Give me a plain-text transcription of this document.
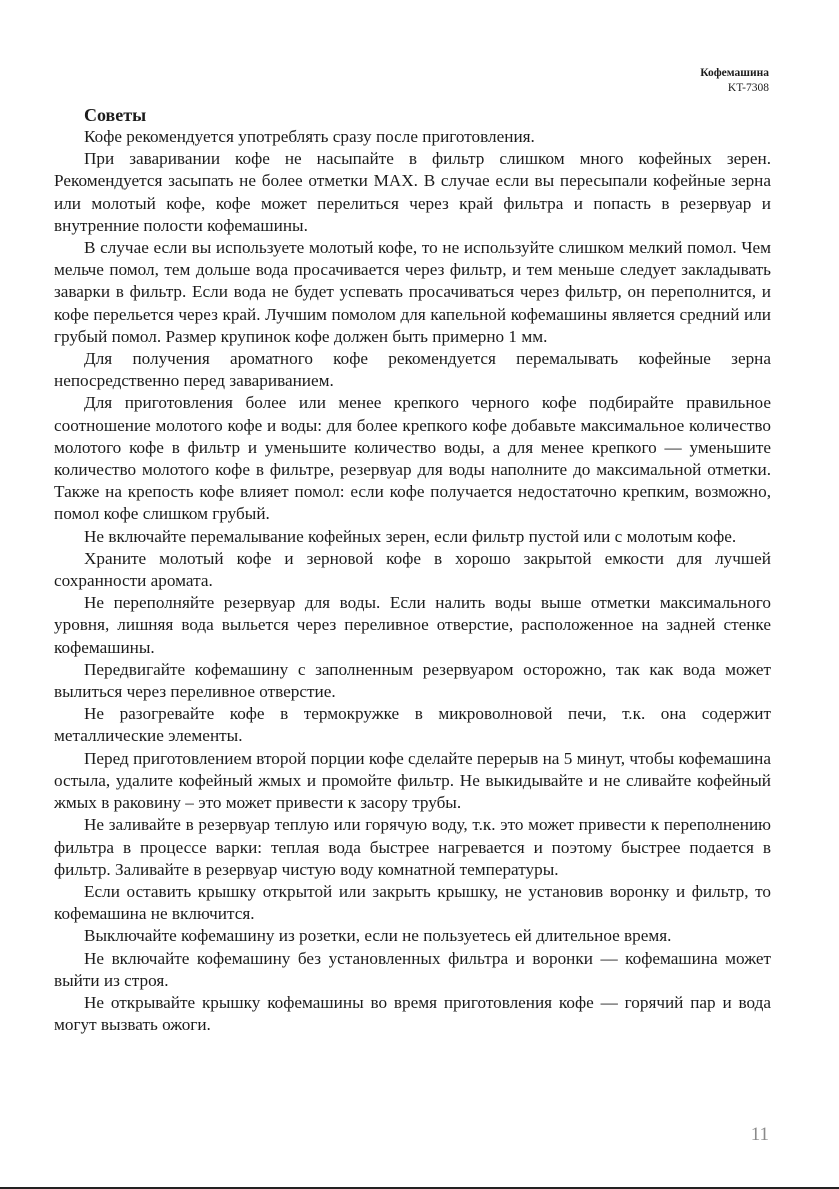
Кофемашина
KT-7308
Советы

Кофе рекомендуется употреблять сразу после приготовления.

При заваривании кофе не насыпайте в фильтр слишком много кофейных зерен. Рекомендуется засыпать не более отметки MAX. В случае если вы пересыпали кофейные зерна или молотый кофе, кофе может перелиться через край фильтра и попасть в резервуар и внутренние полости кофемашины.

В случае если вы используете молотый кофе, то не используйте слишком мелкий помол. Чем мельче помол, тем дольше вода просачивается через фильтр, и тем меньше следует закладывать заварки в фильтр. Если вода не будет успевать просачиваться через фильтр, он переполнится, и кофе перельется через край. Лучшим помолом для капельной кофемашины является средний или грубый помол. Размер крупинок кофе должен быть примерно 1 мм.

Для получения ароматного кофе рекомендуется перемалывать кофейные зерна непосредственно перед завариванием.

Для приготовления более или менее крепкого черного кофе подбирайте правильное соотношение молотого кофе и воды: для более крепкого кофе добавьте максимальное количество молотого кофе в фильтр и уменьшите количество воды, а для менее крепкого — уменьшите количество молотого кофе в фильтре, резервуар для воды наполните до максимальной отметки. Также на крепость кофе влияет помол: если кофе получается недостаточно крепким, возможно, помол кофе слишком грубый.

Не включайте перемалывание кофейных зерен, если фильтр пустой или с молотым кофе.

Храните молотый кофе и зерновой кофе в хорошо закрытой емкости для лучшей сохранности аромата.

Не переполняйте резервуар для воды. Если налить воды выше отметки максимального уровня, лишняя вода выльется через переливное отверстие, расположенное на задней стенке кофемашины.

Передвигайте кофемашину с заполненным резервуаром осторожно, так как вода может вылиться через переливное отверстие.

Не разогревайте кофе в термокружке в микроволновой печи, т.к. она содержит металлические элементы.

Перед приготовлением второй порции кофе сделайте перерыв на 5 минут, чтобы кофемашина остыла, удалите кофейный жмых и промойте фильтр. Не выкидывайте и не сливайте кофейный жмых в раковину – это может привести к засору трубы.

Не заливайте в резервуар теплую или горячую воду, т.к. это может привести к переполнению фильтра в процессе варки: теплая вода быстрее нагревается и поэтому быстрее подается в фильтр. Заливайте в резервуар чистую воду комнатной температуры.

Если оставить крышку открытой или закрыть крышку, не установив воронку и фильтр, то кофемашина не включится.

Выключайте кофемашину из розетки, если не пользуетесь ей длительное время.

Не включайте кофемашину без установленных фильтра и воронки — кофемашина может выйти из строя.

Не открывайте крышку кофемашины во время приготовления кофе — горячий пар и вода могут вызвать ожоги.

11
